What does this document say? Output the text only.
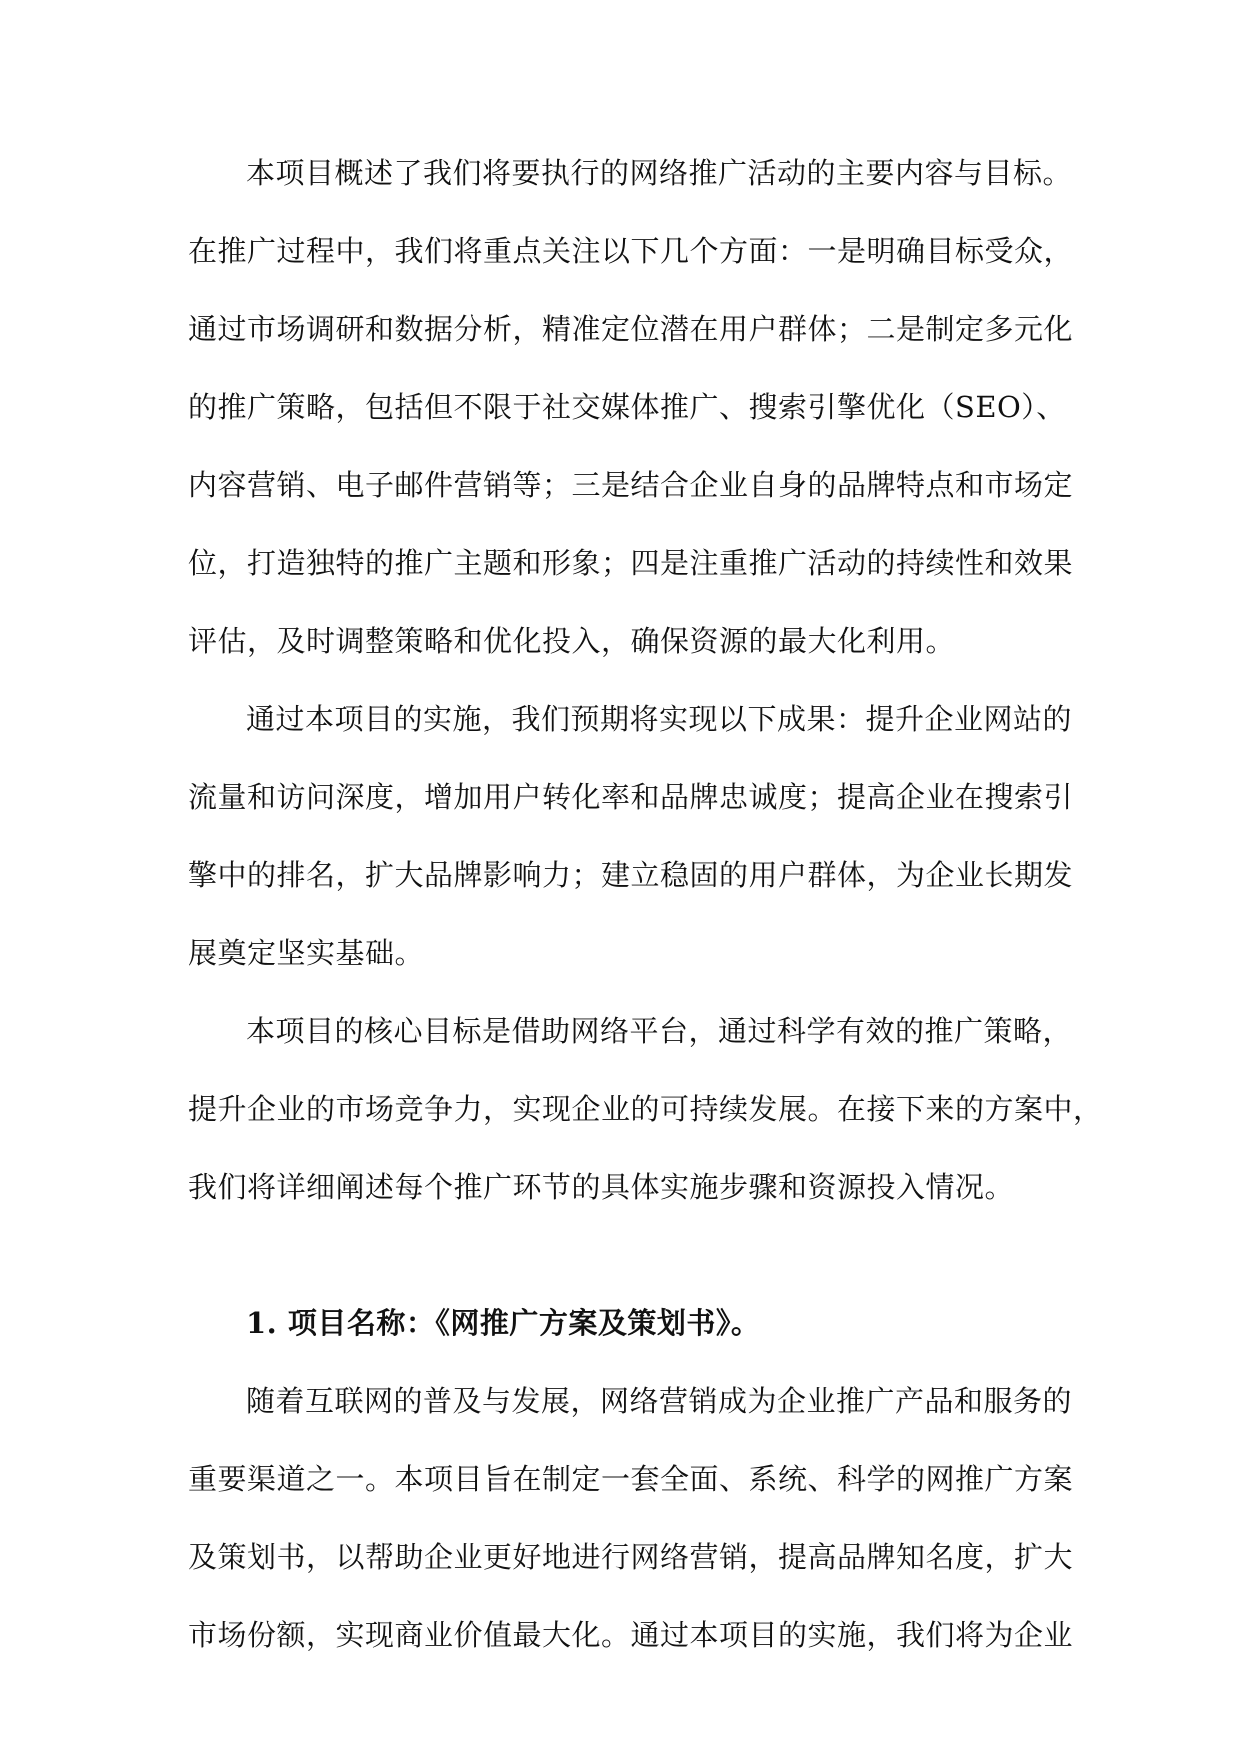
本项目概述了我们将要执行的网络推广活动的主要内容与目标。
在推广过程中，我们将重点关注以下几个方面：一是明确目标受众，
通过市场调研和数据分析，精准定位潜在用户群体；二是制定多元化
的推广策略，包括但不限于社交媒体推广、搜索引擎优化（SEO）、
内容营销、电子邮件营销等；三是结合企业自身的品牌特点和市场定
位，打造独特的推广主题和形象；四是注重推广活动的持续性和效果
评估，及时调整策略和优化投入，确保资源的最大化利用。
通过本项目的实施，我们预期将实现以下成果：提升企业网站的
流量和访问深度，增加用户转化率和品牌忠诚度；提高企业在搜索引
擎中的排名，扩大品牌影响力；建立稳固的用户群体，为企业长期发
展奠定坚实基础。
本项目的核心目标是借助网络平台，通过科学有效的推广策略，
提升企业的市场竞争力，实现企业的可持续发展。在接下来的方案中，
我们将详细阐述每个推广环节的具体实施步骤和资源投入情况。
1. 项目名称：《网推广方案及策划书》。
随着互联网的普及与发展，网络营销成为企业推广产品和服务的
重要渠道之一。本项目旨在制定一套全面、系统、科学的网推广方案
及策划书，以帮助企业更好地进行网络营销，提高品牌知名度，扩大
市场份额，实现商业价值最大化。通过本项目的实施，我们将为企业
